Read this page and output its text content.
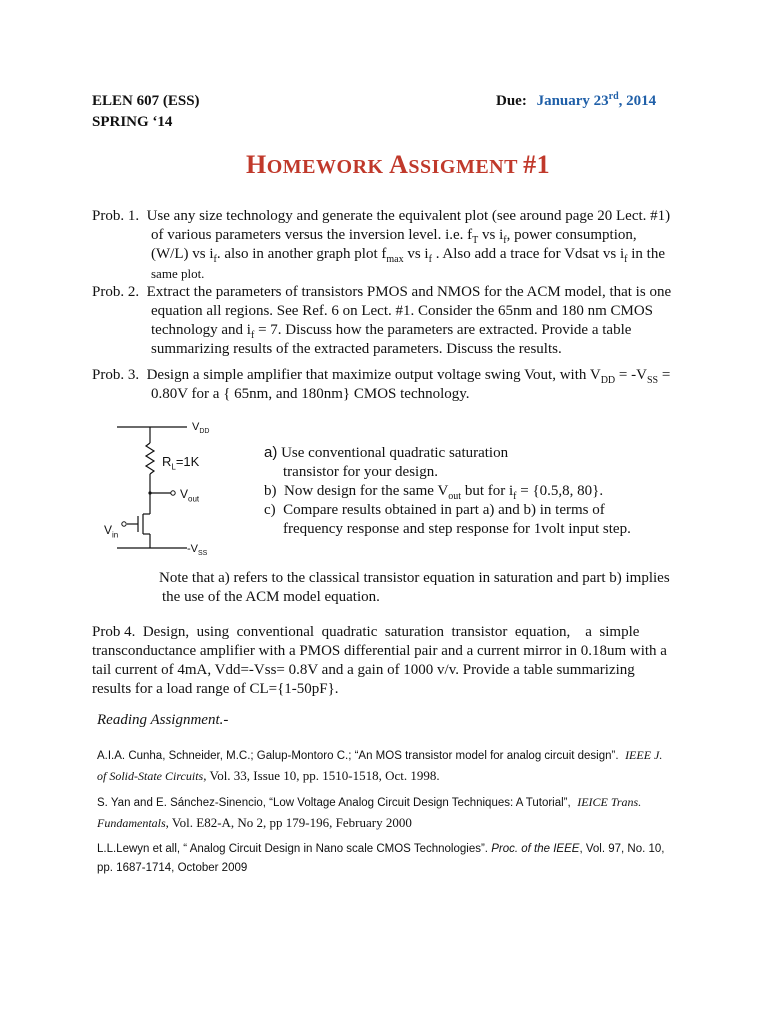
ELEN 607 (ESS)
SPRING ‘14
Due: January 23rd, 2014
HOMEWORK ASSIGMENT #1
Prob. 1. Use any size technology and generate the equivalent plot (see around page 20 Lect. #1)
of various parameters versus the inversion level. i.e. $f_T$ vs $i_f$, power consumption,
(W/L) vs $i_f$. also in another graph plot $f_{max}$ vs $i_f$ . Also add a trace for Vdsat vs $i_f$ in the
same plot.
Prob. 2. Extract the parameters of transistors PMOS and NMOS for the ACM model, that is one
equation all regions. See Ref. 6 on Lect. #1. Consider the 65nm and 180 nm CMOS
technology and $i_f = 7$. Discuss how the parameters are extracted. Provide a table
summarizing results of the extracted parameters. Discuss the results.
Prob. 3. Design a simple amplifier that maximize output voltage swing Vout, with $V_{DD} = -V_{SS}$ =
0.80V for a { 65nm, and 180nm} CMOS technology.
$V_{DD}$
$R_L=1K$
$V_{out}$
$V_{in}$
$-V_{SS}$
a) Use conventional quadratic saturation
transistor for your design.
b) Now design for the same $V_{out}$ but for $i_f = \{0.5,8$, 80}.
c) Compare results obtained in part a) and b) in terms of
frequency response and step response for 1volt input step.
Note that a) refers to the classical transistor equation in saturation and part b) implies
the use of the ACM model equation.
Prob 4.  Design,  using  conventional  quadratic  saturation  transistor  equation,    a  simple
transconductance amplifier with a PMOS differential pair and a current mirror in 0.18um with a
tail current of 4mA, Vdd=-Vss= 0.8V and a gain of 1000 v/v. Provide a table summarizing
results for a load range of CL={1-50pF}.
Reading Assignment.-
A.I.A. Cunha, Schneider, M.C.; Galup-Montoro C.; “An MOS transistor model for analog circuit design”. IEEE J.
of Solid-State Circuits, Vol. 33, Issue 10, pp. 1510-1518, Oct. 1998.
S. Yan and E. Sánchez-Sinencio, “Low Voltage Analog Circuit Design Techniques: A Tutorial”, IEICE Trans.
Fundamentals, Vol. E82-A, No 2, pp 179-196, February 2000
L.L.Lewyn et all, “ Analog Circuit Design in Nano scale CMOS Technologies”. Proc. of the IEEE, Vol. 97, No. 10,
pp. 1687-1714, October 2009
